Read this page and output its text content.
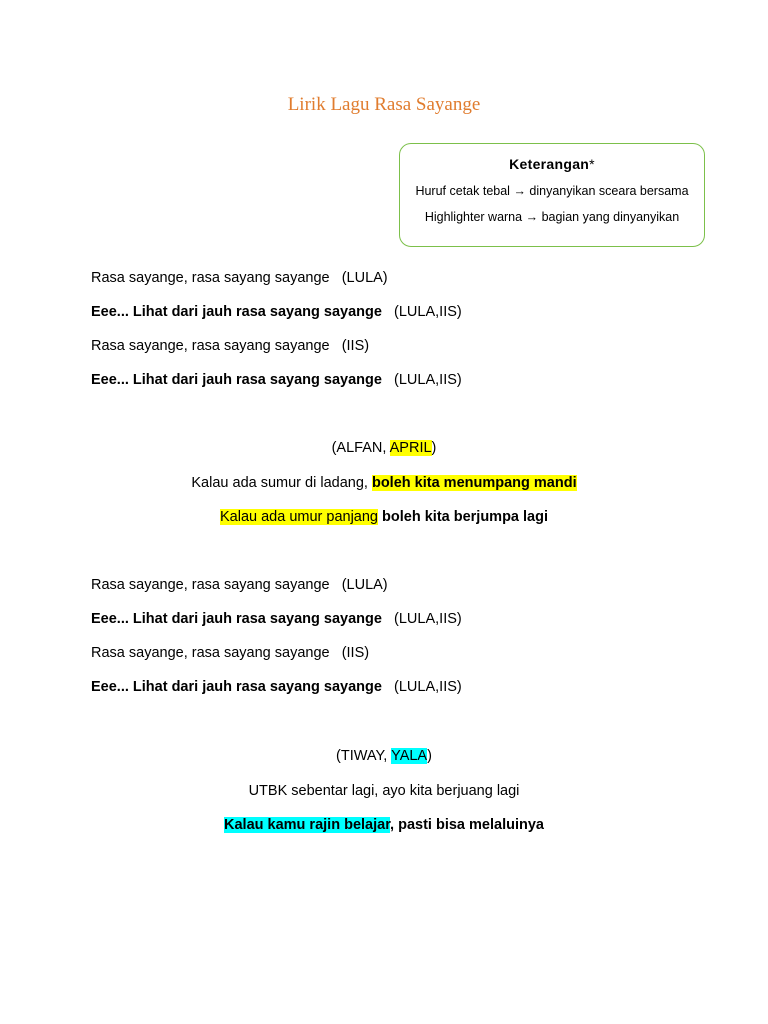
Lirik Lagu Rasa Sayange
Keterangan*
Huruf cetak tebal → dinyanyikan sceara bersama
Highlighter warna → bagian yang dinyanyikan
Rasa sayange, rasa sayang sayange (LULA)
Eee... Lihat dari jauh rasa sayang sayange (LULA,IIS)
Rasa sayange, rasa sayang sayange (IIS)
Eee... Lihat dari jauh rasa sayang sayange (LULA,IIS)
(ALFAN, APRIL)
Kalau ada sumur di ladang, boleh kita menumpang mandi
Kalau ada umur panjang boleh kita berjumpa lagi
Rasa sayange, rasa sayang sayange (LULA)
Eee... Lihat dari jauh rasa sayang sayange (LULA,IIS)
Rasa sayange, rasa sayang sayange (IIS)
Eee... Lihat dari jauh rasa sayang sayange (LULA,IIS)
(TIWAY, YALA)
UTBK sebentar lagi, ayo kita berjuang lagi
Kalau kamu rajin belajar, pasti bisa melaluinya
